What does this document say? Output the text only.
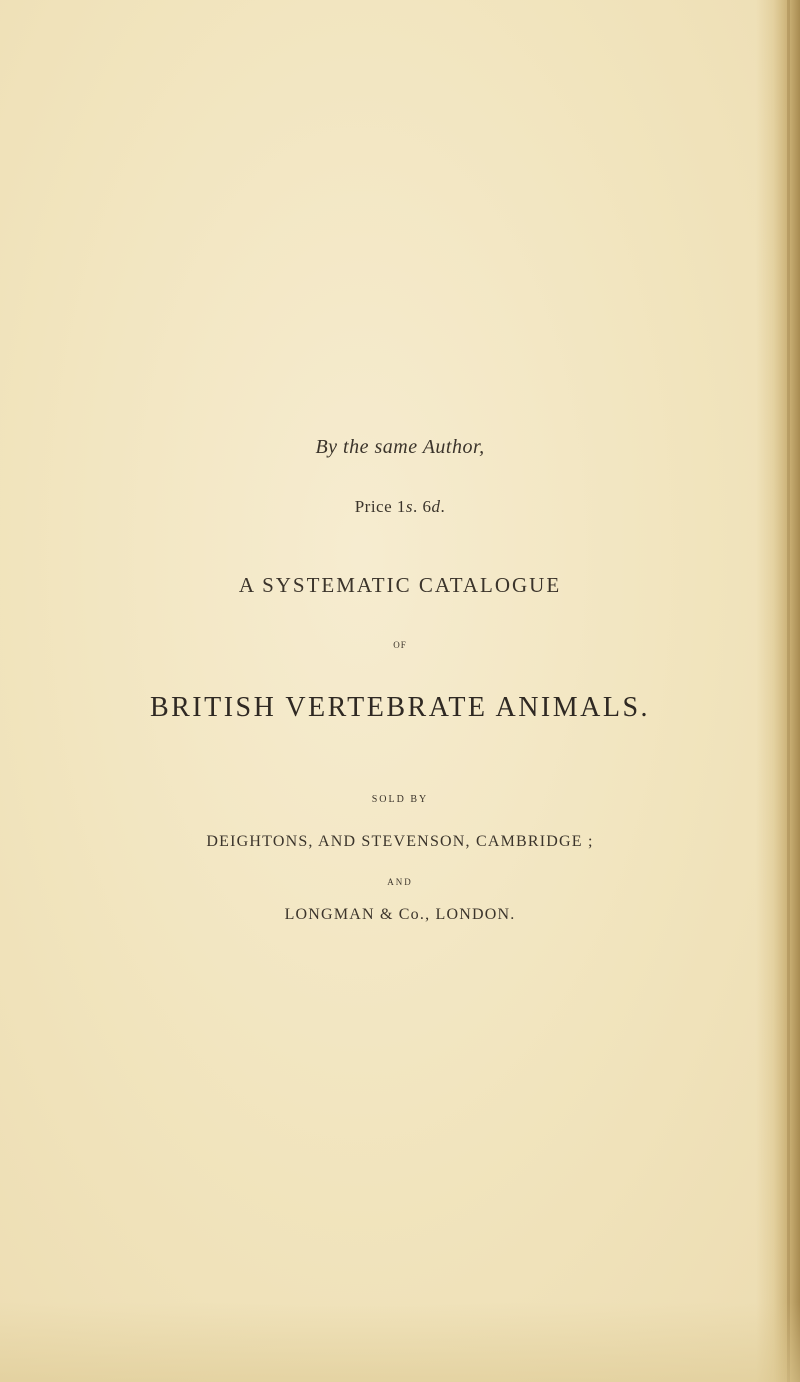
By the same Author,
Price 1s. 6d.
A SYSTEMATIC CATALOGUE
OF
BRITISH VERTEBRATE ANIMALS.
SOLD BY
DEIGHTONS, AND STEVENSON, CAMBRIDGE ;
AND
LONGMAN & Co., LONDON.
